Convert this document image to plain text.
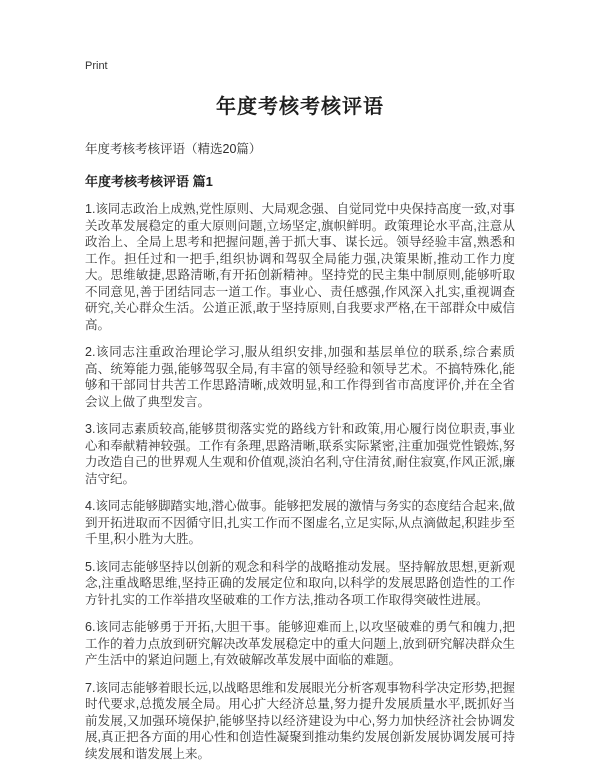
Print
年度考核考核评语
年度考核考核评语（精选20篇）
年度考核考核评语 篇1

1.该同志政治上成熟,党性原则、大局观念强、自觉同党中央保持高度一致,对事关改革发展稳定的重大原则问题,立场坚定,旗帜鲜明。政策理论水平高,注意从政治上、全局上思考和把握问题,善于抓大事、谋长远。领导经验丰富,熟悉和工作。担任过和一把手,组织协调和驾驭全局能力强,决策果断,推动工作力度大。思维敏捷,思路清晰,有开拓创新精神。坚持党的民主集中制原则,能够听取不同意见,善于团结同志一道工作。事业心、责任感强,作风深入扎实,重视调查研究,关心群众生活。公道正派,敢于坚持原则,自我要求严格,在干部群众中威信高。

2.该同志注重政治理论学习,服从组织安排,加强和基层单位的联系,综合素质高、统筹能力强,能够驾驭全局,有丰富的领导经验和领导艺术。不搞特殊化,能够和干部同甘共苦工作思路清晰,成效明显,和工作得到省市高度评价,并在全省会议上做了典型发言。

3.该同志素质较高,能够贯彻落实党的路线方针和政策,用心履行岗位职责,事业心和奉献精神较强。工作有条理,思路清晰,联系实际紧密,注重加强党性锻炼,努力改造自己的世界观人生观和价值观,淡泊名利,守住清贫,耐住寂寞,作风正派,廉洁守纪。

4.该同志能够脚踏实地,潜心做事。能够把发展的激情与务实的态度结合起来,做到开拓进取而不因循守旧,扎实工作而不图虚名,立足实际,从点滴做起,积跬步至千里,积小胜为大胜。

5.该同志能够坚持以创新的观念和科学的战略推动发展。坚持解放思想,更新观念,注重战略思维,坚持正确的发展定位和取向,以科学的发展思路创造性的工作方针扎实的工作举措攻坚破难的工作方法,推动各项工作取得突破性进展。

6.该同志能够勇于开拓,大胆干事。能够迎难而上,以攻坚破难的勇气和魄力,把工作的着力点放到研究解决改革发展稳定中的重大问题上,放到研究解决群众生产生活中的紧迫问题上,有效破解改革发展中面临的难题。

7.该同志能够着眼长远,以战略思维和发展眼光分析客观事物科学决定形势,把握时代要求,总揽发展全局。用心扩大经济总量,努力提升发展质量水平,既抓好当前发展,又加强环境保护,能够坚持以经济建设为中心,努力加快经济社会协调发展,真正把各方面的用心性和创造性凝聚到推动集约发展创新发展协调发展可持续发展和谐发展上来。
